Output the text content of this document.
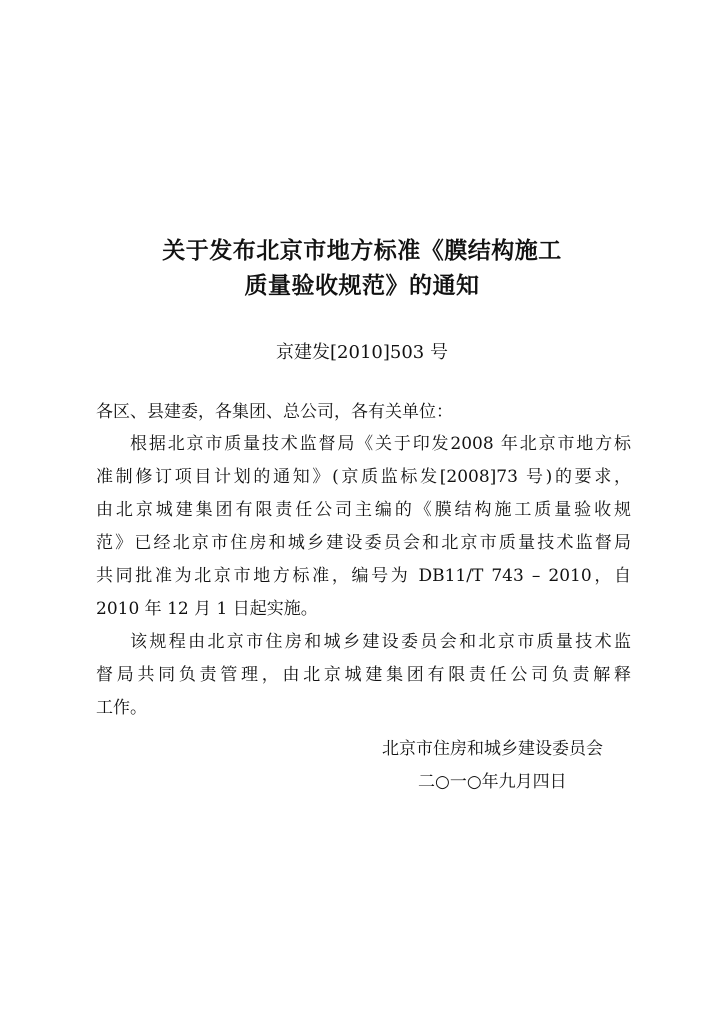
关于发布北京市地方标准《膜结构施工
质量验收规范》的通知
京建发[2010]503 号
各区、县建委，各集团、总公司，各有关单位：
根据北京市质量技术监督局《关于印发2008 年北京市地方标
准制修订项目计划的通知》(京质监标发[2008]73 号)的要求，
由北京城建集团有限责任公司主编的《膜结构施工质量验收规
范》已经北京市住房和城乡建设委员会和北京市质量技术监督局
共同批准为北京市地方标准，编号为 DB11/T 743 – 2010，自
2010 年 12 月 1 日起实施。
该规程由北京市住房和城乡建设委员会和北京市质量技术监
督局共同负责管理，由北京城建集团有限责任公司负责解释
工作。
北京市住房和城乡建设委员会
二○一○年九月四日
